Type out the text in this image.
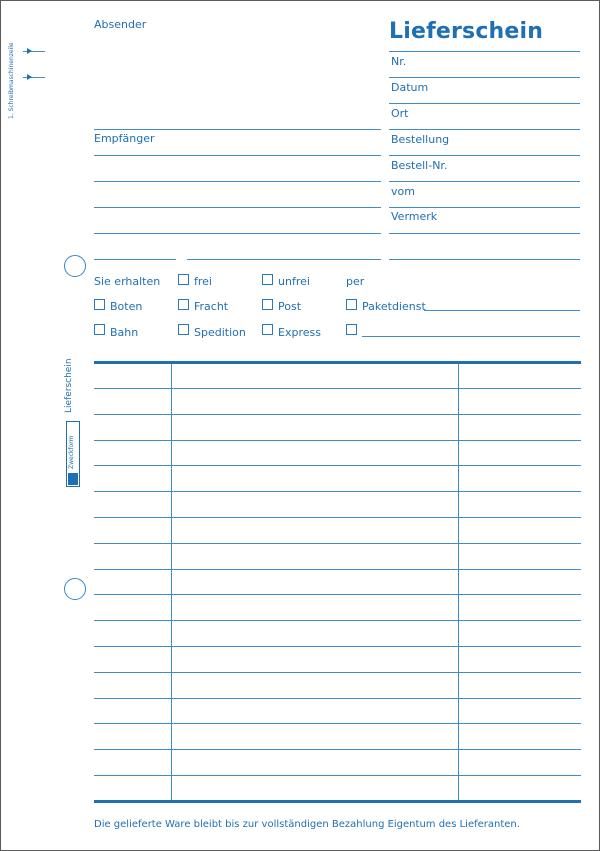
1. Schreibmaschinenzeile
Lieferschein
Absender
Empfänger
Nr.
Datum
Ort
Bestellung
Bestell-Nr.
vom
Vermerk
Sie erhalten	frei	unfrei	per
Boten	Fracht	Post	Paketdienst
Bahn	Spedition	Express
Lieferschein
Zweckform
Die gelieferte Ware bleibt bis zur vollständigen Bezahlung Eigentum des Lieferanten.
